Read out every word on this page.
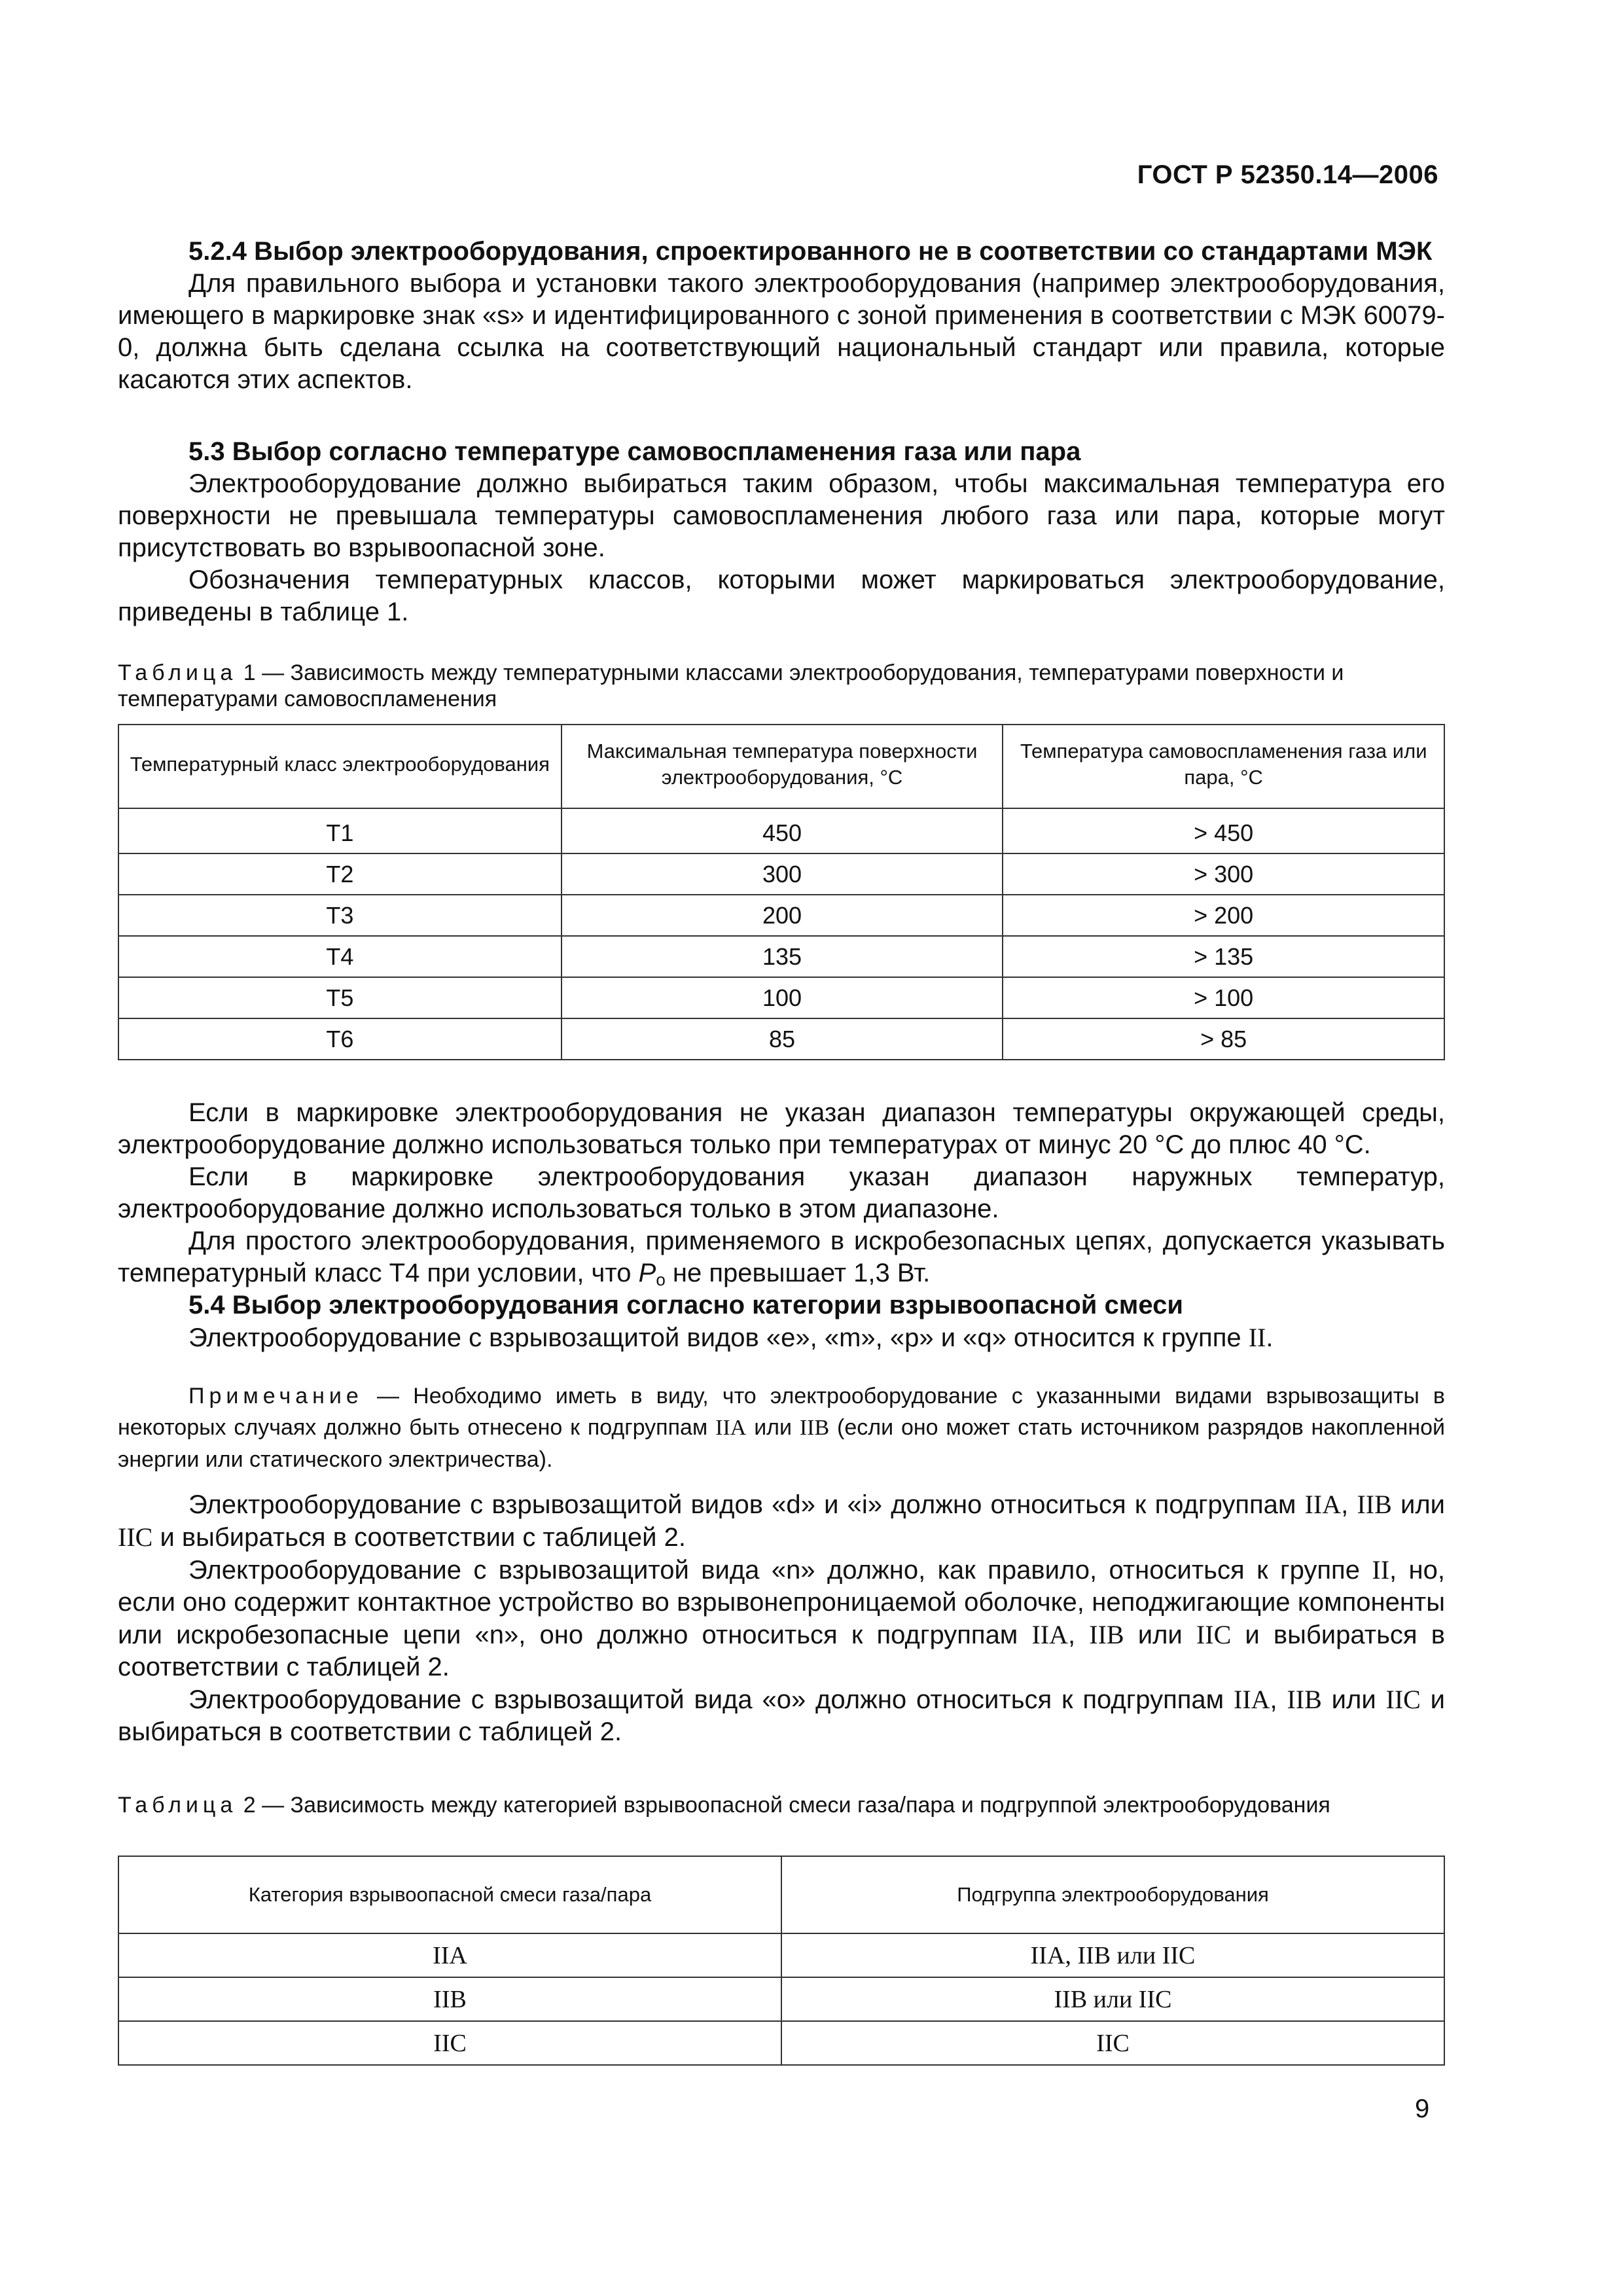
ГОСТ Р 52350.14—2006

5.2.4 Выбор электрооборудования, спроектированного не в соответствии со стандартами МЭК

Для правильного выбора и установки такого электрооборудования (например электрооборудования, имеющего в маркировке знак «s» и идентифицированного с зоной применения в соответствии с МЭК 60079-0, должна быть сделана ссылка на соответствующий национальный стандарт или правила, которые касаются этих аспектов.

5.3 Выбор согласно температуре самовоспламенения газа или пара

Электрооборудование должно выбираться таким образом, чтобы максимальная температура его поверхности не превышала температуры самовоспламенения любого газа или пара, которые могут присутствовать во взрывоопасной зоне.

Обозначения температурных классов, которыми может маркироваться электрооборудование, приведены в таблице 1.

Таблица 1 — Зависимость между температурными классами электрооборудования, температурами поверхности и температурами самовоспламенения

Температурный класс электрооборудования	Максимальная температура поверхности электрооборудования, °C	Температура самовоспламенения газа или пара, °C
Т1	450	> 450
Т2	300	> 300
Т3	200	> 200
Т4	135	> 135
Т5	100	> 100
Т6	85	> 85

Если в маркировке электрооборудования не указан диапазон температуры окружающей среды, электрооборудование должно использоваться только при температурах от минус 20 °С до плюс 40 °С.

Если в маркировке электрооборудования указан диапазон наружных температур, электрооборудование должно использоваться только в этом диапазоне.

Для простого электрооборудования, применяемого в искробезопасных цепях, допускается указывать температурный класс Т4 при условии, что $P_о$ не превышает 1,3 Вт.

5.4 Выбор электрооборудования согласно категории взрывоопасной смеси

Электрооборудование с взрывозащитой видов «е», «m», «р» и «q» относится к группе II.

Примечание — Необходимо иметь в виду, что электрооборудование с указанными видами взрывозащиты в некоторых случаях должно быть отнесено к подгруппам IIА или IIВ (если оно может стать источником разрядов накопленной энергии или статического электричества).

Электрооборудование с взрывозащитой видов «d» и «i» должно относиться к подгруппам IIА, IIВ или IIС и выбираться в соответствии с таблицей 2.

Электрооборудование с взрывозащитой вида «n» должно, как правило, относиться к группе II, но, если оно содержит контактное устройство во взрывонепроницаемой оболочке, неподжигающие компоненты или искробезопасные цепи «n», оно должно относиться к подгруппам IIА, IIВ или IIС и выбираться в соответствии с таблицей 2.

Электрооборудование с взрывозащитой вида «о» должно относиться к подгруппам IIА, IIВ или IIС и выбираться в соответствии с таблицей 2.

Таблица 2 — Зависимость между категорией взрывоопасной смеси газа/пара и подгруппой электрооборудования

Категория взрывоопасной смеси газа/пара	Подгруппа электрооборудования
IIА	IIА, IIВ или IIС
IIВ	IIВ или IIС
IIС	IIС
9
